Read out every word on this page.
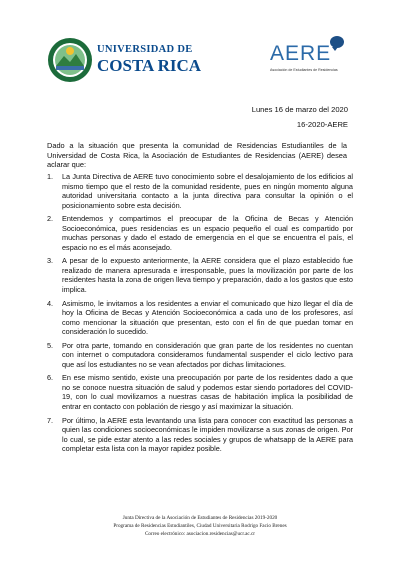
UNIVERSIDAD DE
COSTA RICA	AERE
Asociación de Estudiantes de Residencias
Lunes 16 de marzo del 2020
16-2020-AERE
Dado a la situación que presenta la comunidad de Residencias Estudiantiles de la Universidad de Costa Rica, la Asociación de Estudiantes de Residencias (AERE) desea aclarar que:
1. La Junta Directiva de AERE tuvo conocimiento sobre el desalojamiento de los edificios al mismo tiempo que el resto de la comunidad residente, pues en ningún momento alguna autoridad universitaria contacto a la junta directiva para consultar la opinión o el posicionamiento sobre esta decisión.
2. Entendemos y compartimos el preocupar de la Oficina de Becas y Atención Socioeconómica, pues residencias es un espacio pequeño el cual es compartido por muchas personas y dado el estado de emergencia en el que se encuentra el país, el espacio no es el más aconsejado.
3. A pesar de lo expuesto anteriormente, la AERE considera que el plazo establecido fue realizado de manera apresurada e irresponsable, pues la movilización por parte de los residentes hasta la zona de origen lleva tiempo y preparación, dado a los gastos que esto implica.
4. Asimismo, le invitamos a los residentes a enviar el comunicado que hizo llegar el día de hoy la Oficina de Becas y Atención Socioeconómica a cada uno de los profesores, así como mencionar la situación que presentan, esto con el fin de que puedan tomar en consideración lo sucedido.
5. Por otra parte, tomando en consideración que gran parte de los residentes no cuentan con internet o computadora consideramos fundamental suspender el ciclo lectivo para que así los estudiantes no se vean afectados por dichas limitaciones.
6. En ese mismo sentido, existe una preocupación por parte de los residentes dado a que no se conoce nuestra situación de salud y podemos estar siendo portadores del COVID-19, con lo cual movilizarnos a nuestras casas de habitación implica la posibilidad de entrar en contacto con población de riesgo y así maximizar la situación.
7. Por último, la AERE esta levantando una lista para conocer con exactitud las personas a quien las condiciones socioeconómicas le impiden movilizarse a sus zonas de origen. Por lo cual, se pide estar atento a las redes sociales y grupos de whatsapp de la AERE para completar esta lista con la mayor rapidez posible.
Junta Directiva de la Asociación de Estudiantes de Residencias 2019-2020
Programa de Residencias Estudiantiles, Ciudad Universitaria Rodrigo Facio Brenes
Correo electrónico: asociacion.residencias@ucr.ac.cr
